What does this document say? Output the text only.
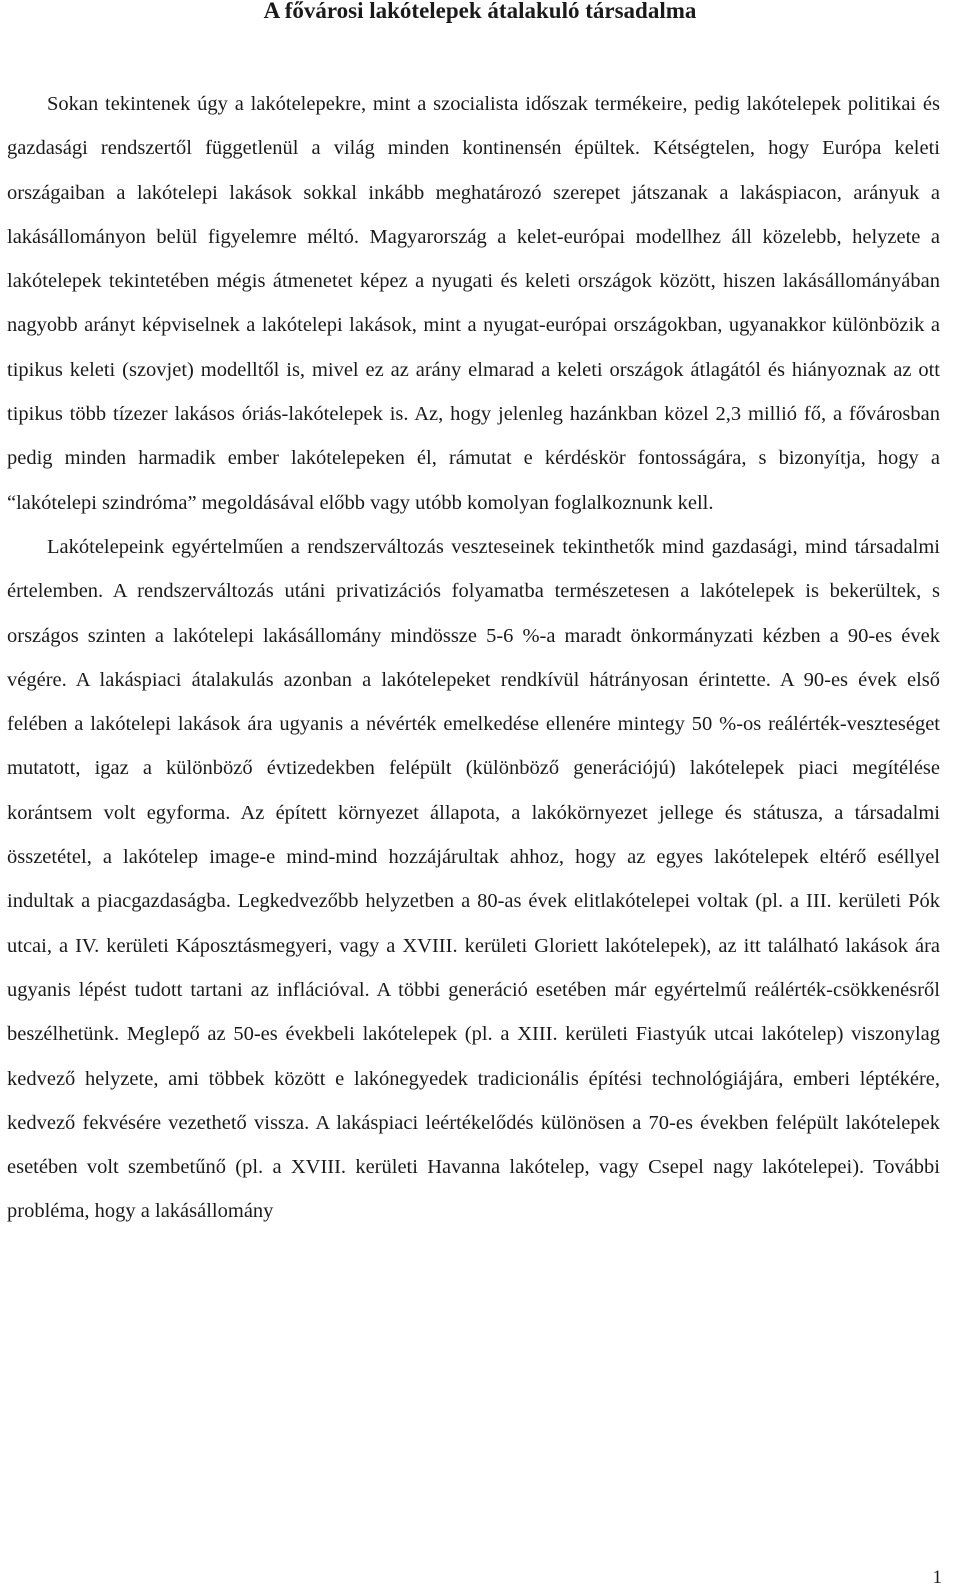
A fővárosi lakótelepek átalakuló társadalma

Sokan tekintenek úgy a lakótelepekre, mint a szocialista időszak termékeire, pedig lakótelepek politikai és gazdasági rendszertől függetlenül a világ minden kontinensén épültek. Kétségtelen, hogy Európa keleti országaiban a lakótelepi lakások sokkal inkább meghatározó szerepet játszanak a lakáspiacon, arányuk a lakásállományon belül figyelemre méltó. Magyarország a kelet-európai modellhez áll közelebb, helyzete a lakótelepek tekintetében mégis átmenetet képez a nyugati és keleti országok között, hiszen lakásállományában nagyobb arányt képviselnek a lakótelepi lakások, mint a nyugat-európai országokban, ugyanakkor különbözik a tipikus keleti (szovjet) modelltől is, mivel ez az arány elmarad a keleti országok átlagától és hiányoznak az ott tipikus több tízezer lakásos óriás-lakótelepek is. Az, hogy jelenleg hazánkban közel 2,3 millió fő, a fővárosban pedig minden harmadik ember lakótelepeken él, rámutat e kérdéskör fontosságára, s bizonyítja, hogy a “lakótelepi szindróma” megoldásával előbb vagy utóbb komolyan foglalkoznunk kell.

Lakótelepeink egyértelműen a rendszerváltozás veszteseinek tekinthetők mind gazdasági, mind társadalmi értelemben. A rendszerváltozás utáni privatizációs folyamatba természetesen a lakótelepek is bekerültek, s országos szinten a lakótelepi lakásállomány mindössze 5-6 %-a maradt önkormányzati kézben a 90-es évek végére. A lakáspiaci átalakulás azonban a lakótelepeket rendkívül hátrányosan érintette. A 90-es évek első felében a lakótelepi lakások ára ugyanis a névérték emelkedése ellenére mintegy 50 %-os reálérték-veszteséget mutatott, igaz a különböző évtizedekben felépült (különböző generációjú) lakótelepek piaci megítélése korántsem volt egyforma. Az épített környezet állapota, a lakókörnyezet jellege és státusza, a társadalmi összetétel, a lakótelep image-e mind-mind hozzájárultak ahhoz, hogy az egyes lakótelepek eltérő eséllyel indultak a piacgazdaságba. Legkedvezőbb helyzetben a 80-as évek elitlakótelepei voltak (pl. a III. kerületi Pók utcai, a IV. kerületi Káposztásmegyeri, vagy a XVIII. kerületi Gloriett lakótelepek), az itt található lakások ára ugyanis lépést tudott tartani az inflációval. A többi generáció esetében már egyértelmű reálérték-csökkenésről beszélhetünk. Meglepő az 50-es évekbeli lakótelepek (pl. a XIII. kerületi Fiastyúk utcai lakótelep) viszonylag kedvező helyzete, ami többek között e lakónegyedek tradicionális építési technológiájára, emberi léptékére, kedvező fekvésére vezethető vissza. A lakáspiaci leértékelődés különösen a 70-es években felépült lakótelepek esetében volt szembetűnő (pl. a XVIII. kerületi Havanna lakótelep, vagy Csepel nagy lakótelepei). További probléma, hogy a lakásállomány

1
